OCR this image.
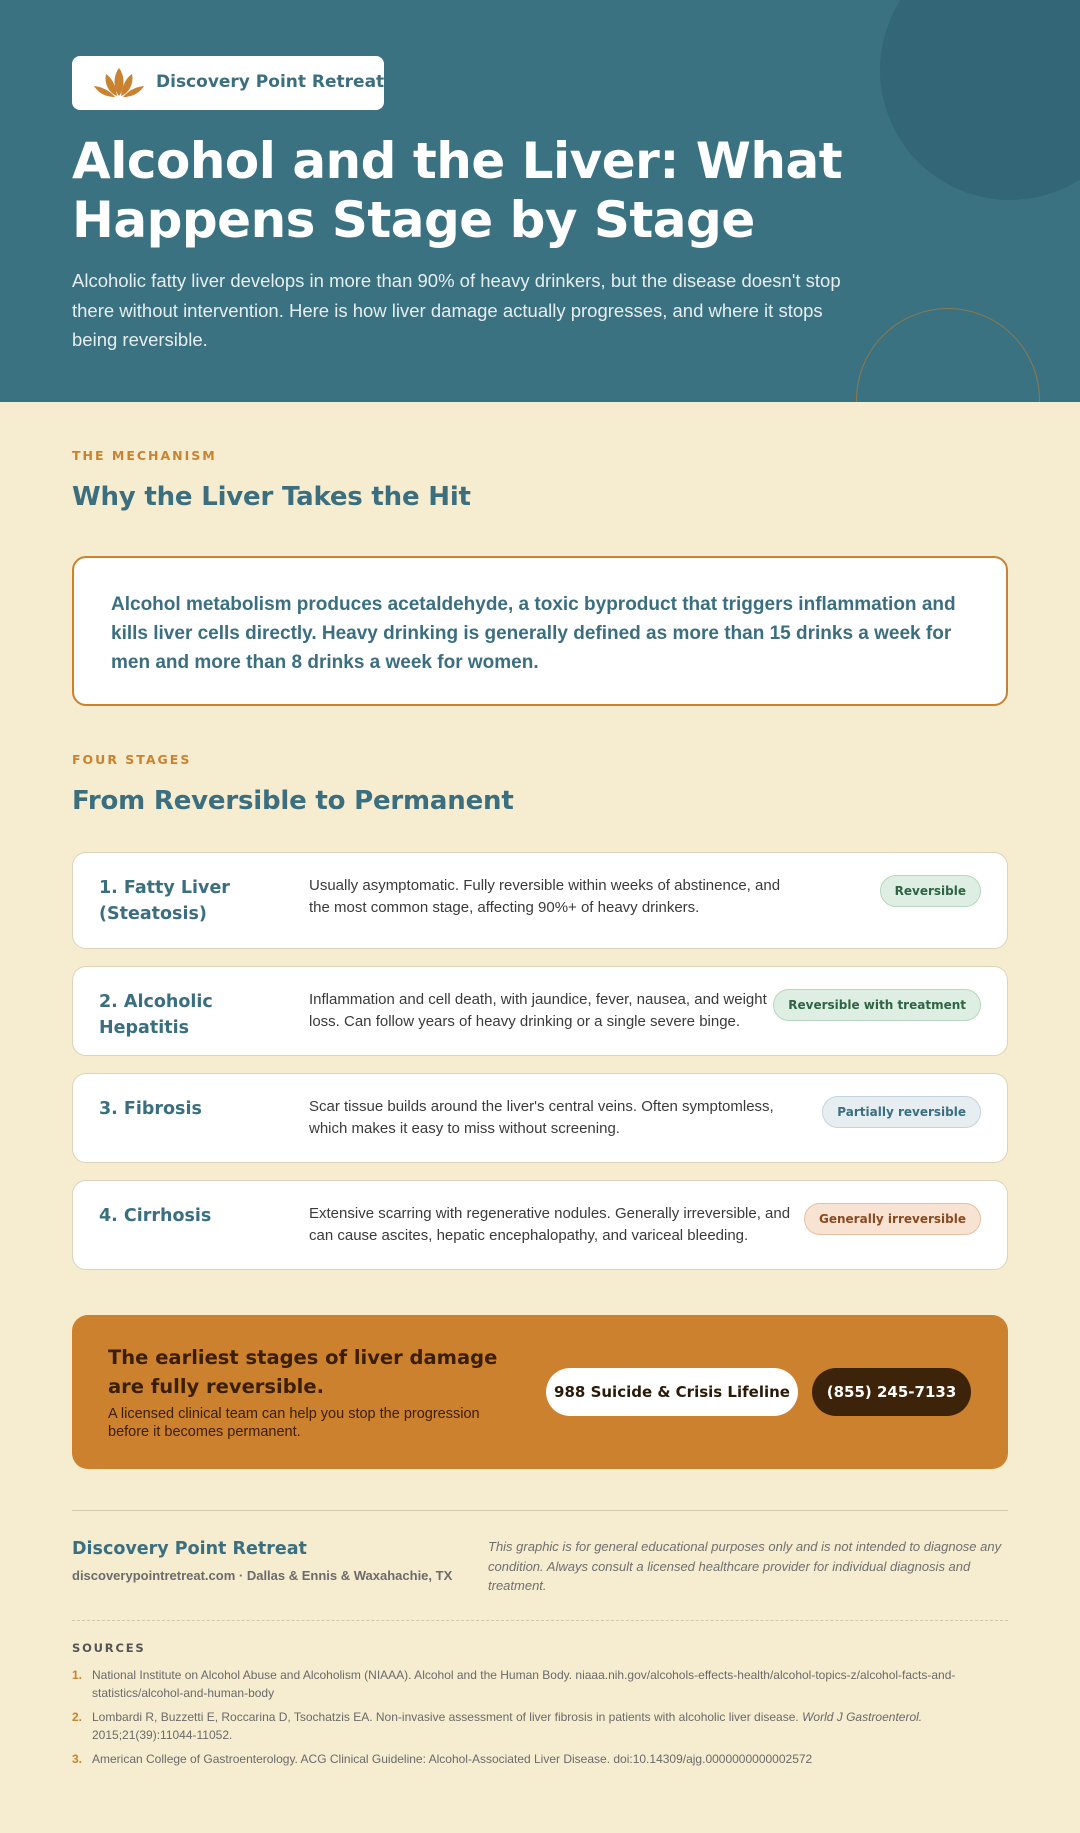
Discovery Point Retreat
Alcohol and the Liver: What Happens Stage by Stage

Alcoholic fatty liver develops in more than 90% of heavy drinkers, but the disease doesn't stop there without intervention. Here is how liver damage actually progresses, and where it stops being reversible.

THE MECHANISM
Why the Liver Takes the Hit

Alcohol metabolism produces acetaldehyde, a toxic byproduct that triggers inflammation and kills liver cells directly. Heavy drinking is generally defined as more than 15 drinks a week for men and more than 8 drinks a week for women.

FOUR STAGES
From Reversible to Permanent
1. Fatty Liver (Steatosis)
Usually asymptomatic. Fully reversible within weeks of abstinence, and the most common stage, affecting 90%+ of heavy drinkers.
Reversible
2. Alcoholic Hepatitis
Inflammation and cell death, with jaundice, fever, nausea, and weight loss. Can follow years of heavy drinking or a single severe binge.
Reversible with treatment
3. Fibrosis	Scar tissue builds around the liver's central veins. Often symptomless, which makes it easy to miss without screening.
Partially reversible
4. Cirrhosis	Extensive scarring with regenerative nodules. Generally irreversible, and can cause ascites, hepatic encephalopathy, and variceal bleeding.
Generally irreversible
The earliest stages of liver damage are fully reversible.
A licensed clinical team can help you stop the progression before it becomes permanent.
988 Suicide & Crisis Lifeline	(855) 245-7133
Discovery Point Retreat
discoverypointretreat.com · Dallas & Ennis & Waxahachie, TX

This graphic is for general educational purposes only and is not intended to diagnose any condition. Always consult a licensed healthcare provider for individual diagnosis and treatment.

SOURCES
1. National Institute on Alcohol Abuse and Alcoholism (NIAAA). Alcohol and the Human Body. niaaa.nih.gov/alcohols-effects-health/alcohol-topics-z/alcohol-facts-and-statistics/alcohol-and-human-body
2. Lombardi R, Buzzetti E, Roccarina D, Tsochatzis EA. Non-invasive assessment of liver fibrosis in patients with alcoholic liver disease. World J Gastroenterol. 2015;21(39):11044-11052.
3. American College of Gastroenterology. ACG Clinical Guideline: Alcohol-Associated Liver Disease. doi:10.14309/ajg.0000000000002572
